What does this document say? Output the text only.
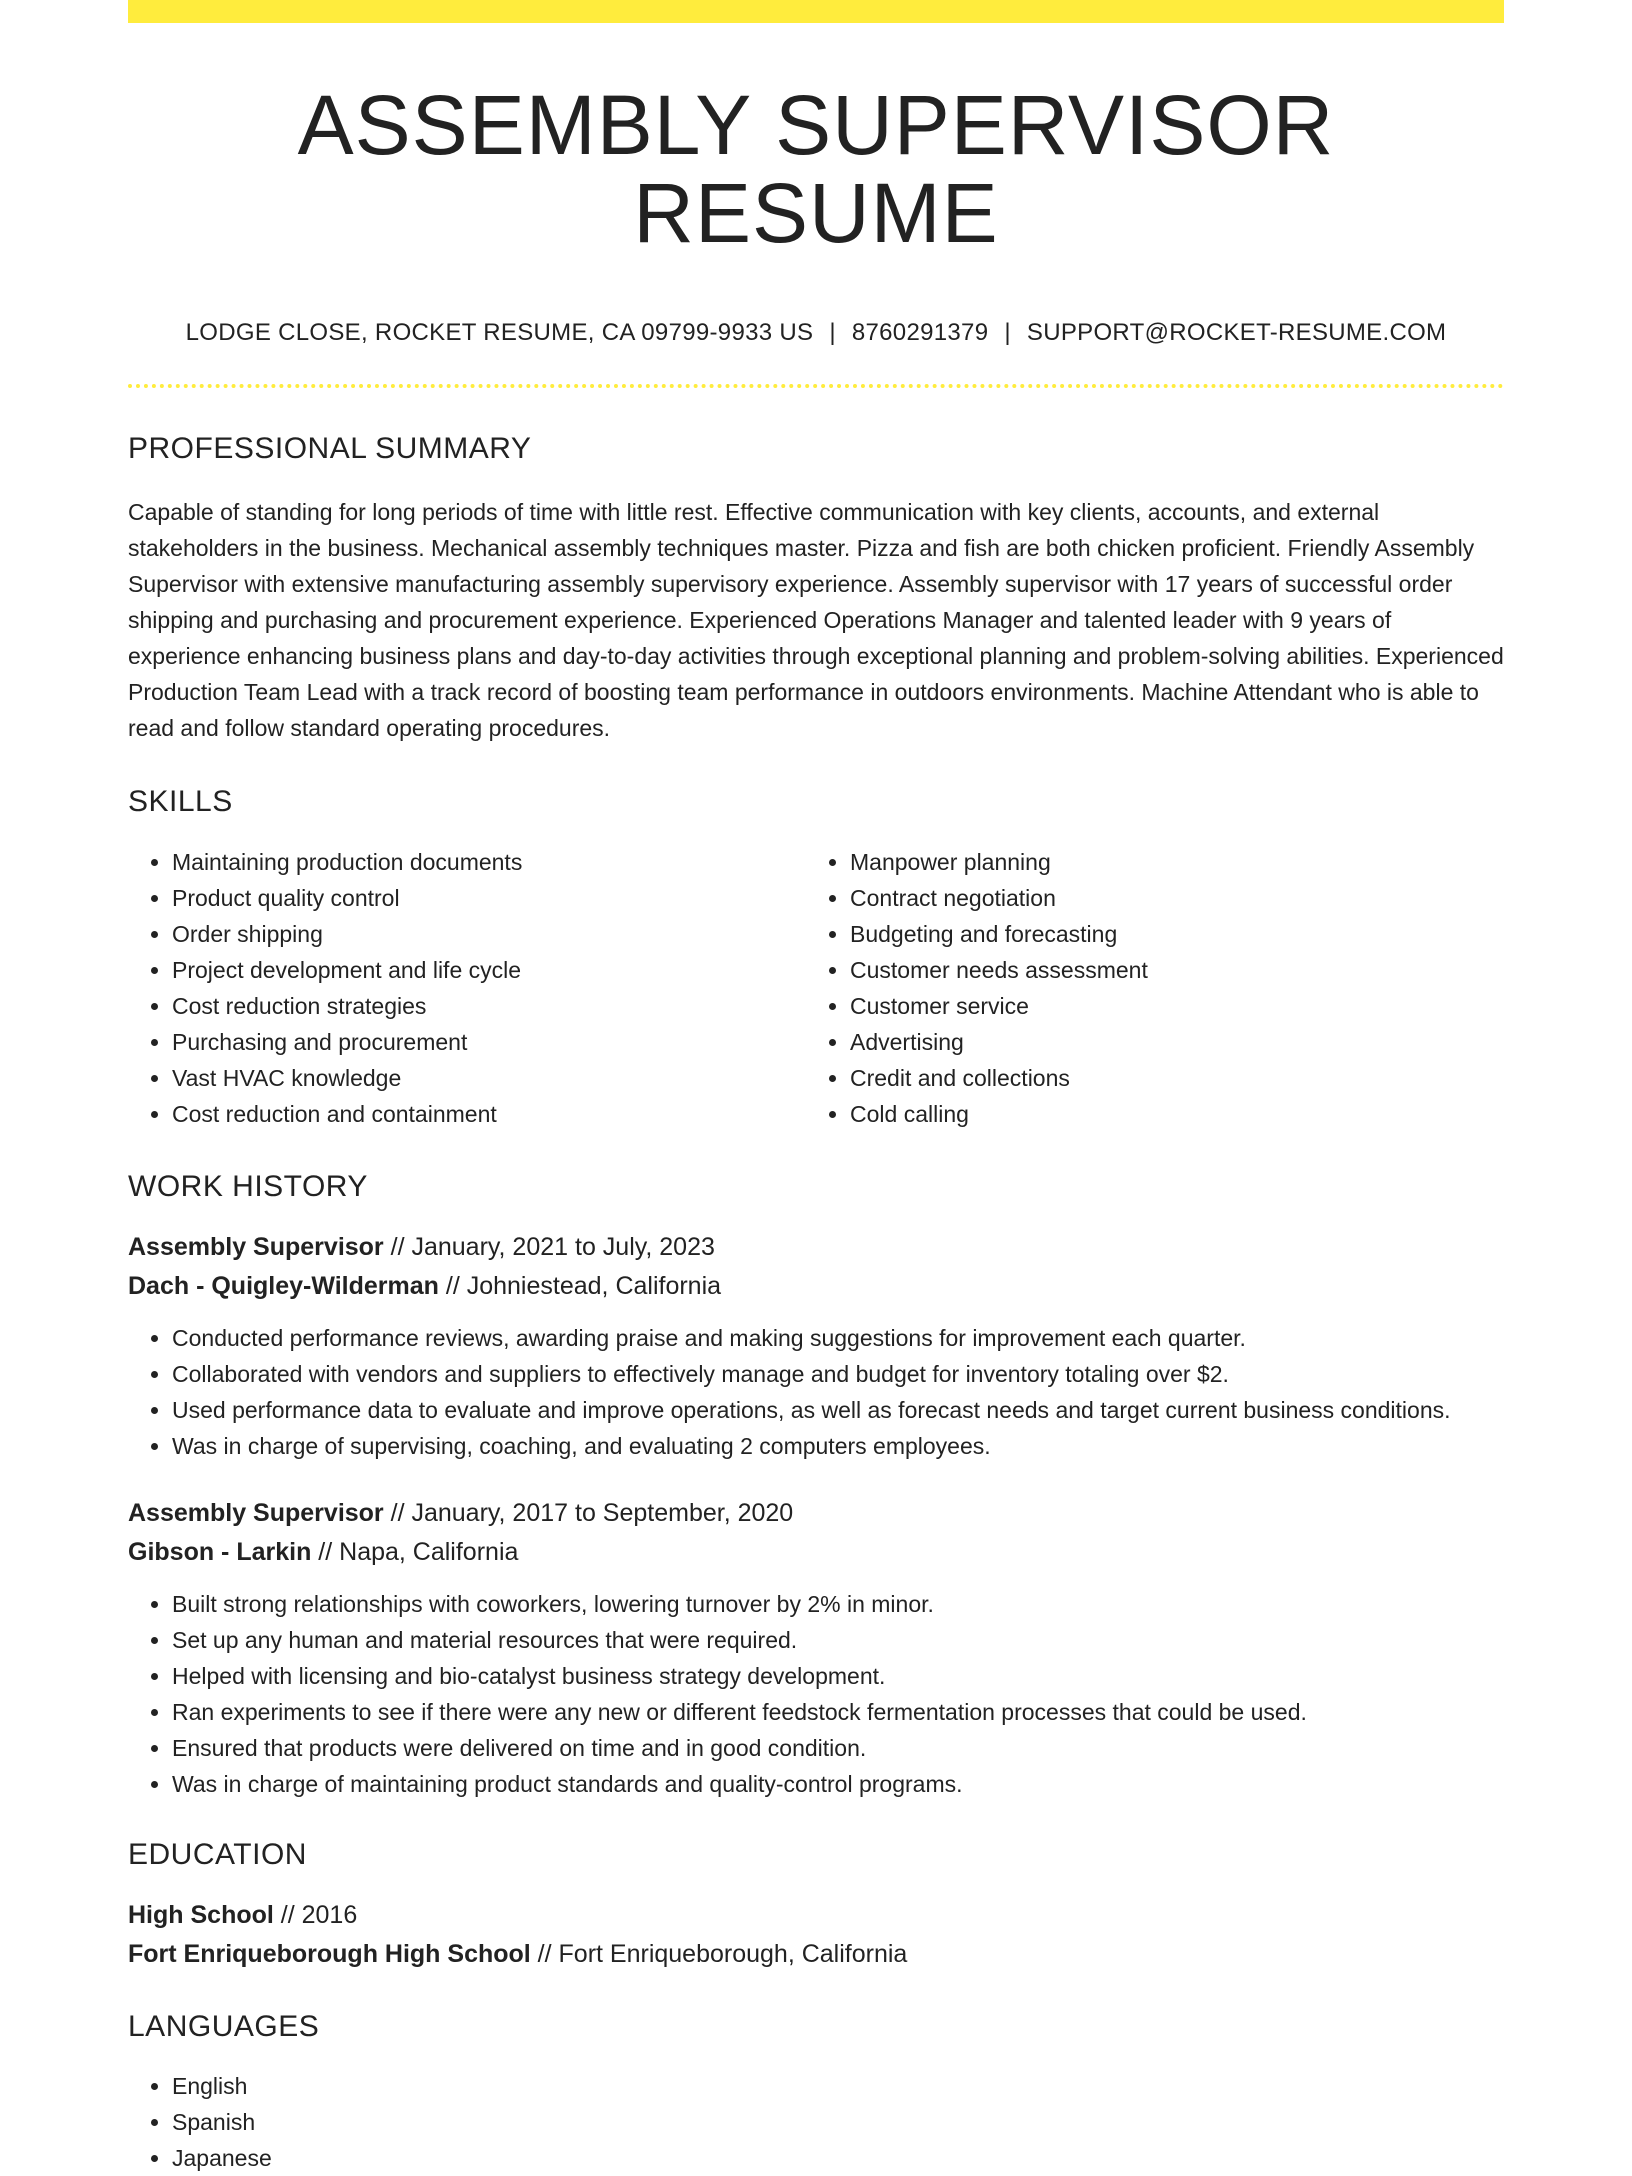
ASSEMBLY SUPERVISOR RESUME
LODGE CLOSE, ROCKET RESUME, CA 09799-9933 US | 8760291379 | SUPPORT@ROCKET-RESUME.COM
PROFESSIONAL SUMMARY

Capable of standing for long periods of time with little rest. Effective communication with key clients, accounts, and external stakeholders in the business. Mechanical assembly techniques master. Pizza and fish are both chicken proficient. Friendly Assembly Supervisor with extensive manufacturing assembly supervisory experience. Assembly supervisor with 17 years of successful order shipping and purchasing and procurement experience. Experienced Operations Manager and talented leader with 9 years of experience enhancing business plans and day-to-day activities through exceptional planning and problem-solving abilities. Experienced Production Team Lead with a track record of boosting team performance in outdoors environments. Machine Attendant who is able to read and follow standard operating procedures.

SKILLS
• Maintaining production documents
• Product quality control
• Order shipping
• Project development and life cycle
• Cost reduction strategies
• Purchasing and procurement
• Vast HVAC knowledge
• Cost reduction and containment
• Manpower planning
• Contract negotiation
• Budgeting and forecasting
• Customer needs assessment
• Customer service
• Advertising
• Credit and collections
• Cold calling
WORK HISTORY
Assembly Supervisor // January, 2021 to July, 2023
Dach - Quigley-Wilderman // Johniestead, California
• Conducted performance reviews, awarding praise and making suggestions for improvement each quarter.
• Collaborated with vendors and suppliers to effectively manage and budget for inventory totaling over $2.
• Used performance data to evaluate and improve operations, as well as forecast needs and target current business conditions.
• Was in charge of supervising, coaching, and evaluating 2 computers employees.
Assembly Supervisor // January, 2017 to September, 2020
Gibson - Larkin // Napa, California
• Built strong relationships with coworkers, lowering turnover by 2% in minor.
• Set up any human and material resources that were required.
• Helped with licensing and bio-catalyst business strategy development.
• Ran experiments to see if there were any new or different feedstock fermentation processes that could be used.
• Ensured that products were delivered on time and in good condition.
• Was in charge of maintaining product standards and quality-control programs.
EDUCATION
High School // 2016
Fort Enriqueborough High School // Fort Enriqueborough, California
LANGUAGES
• English
• Spanish
• Japanese
